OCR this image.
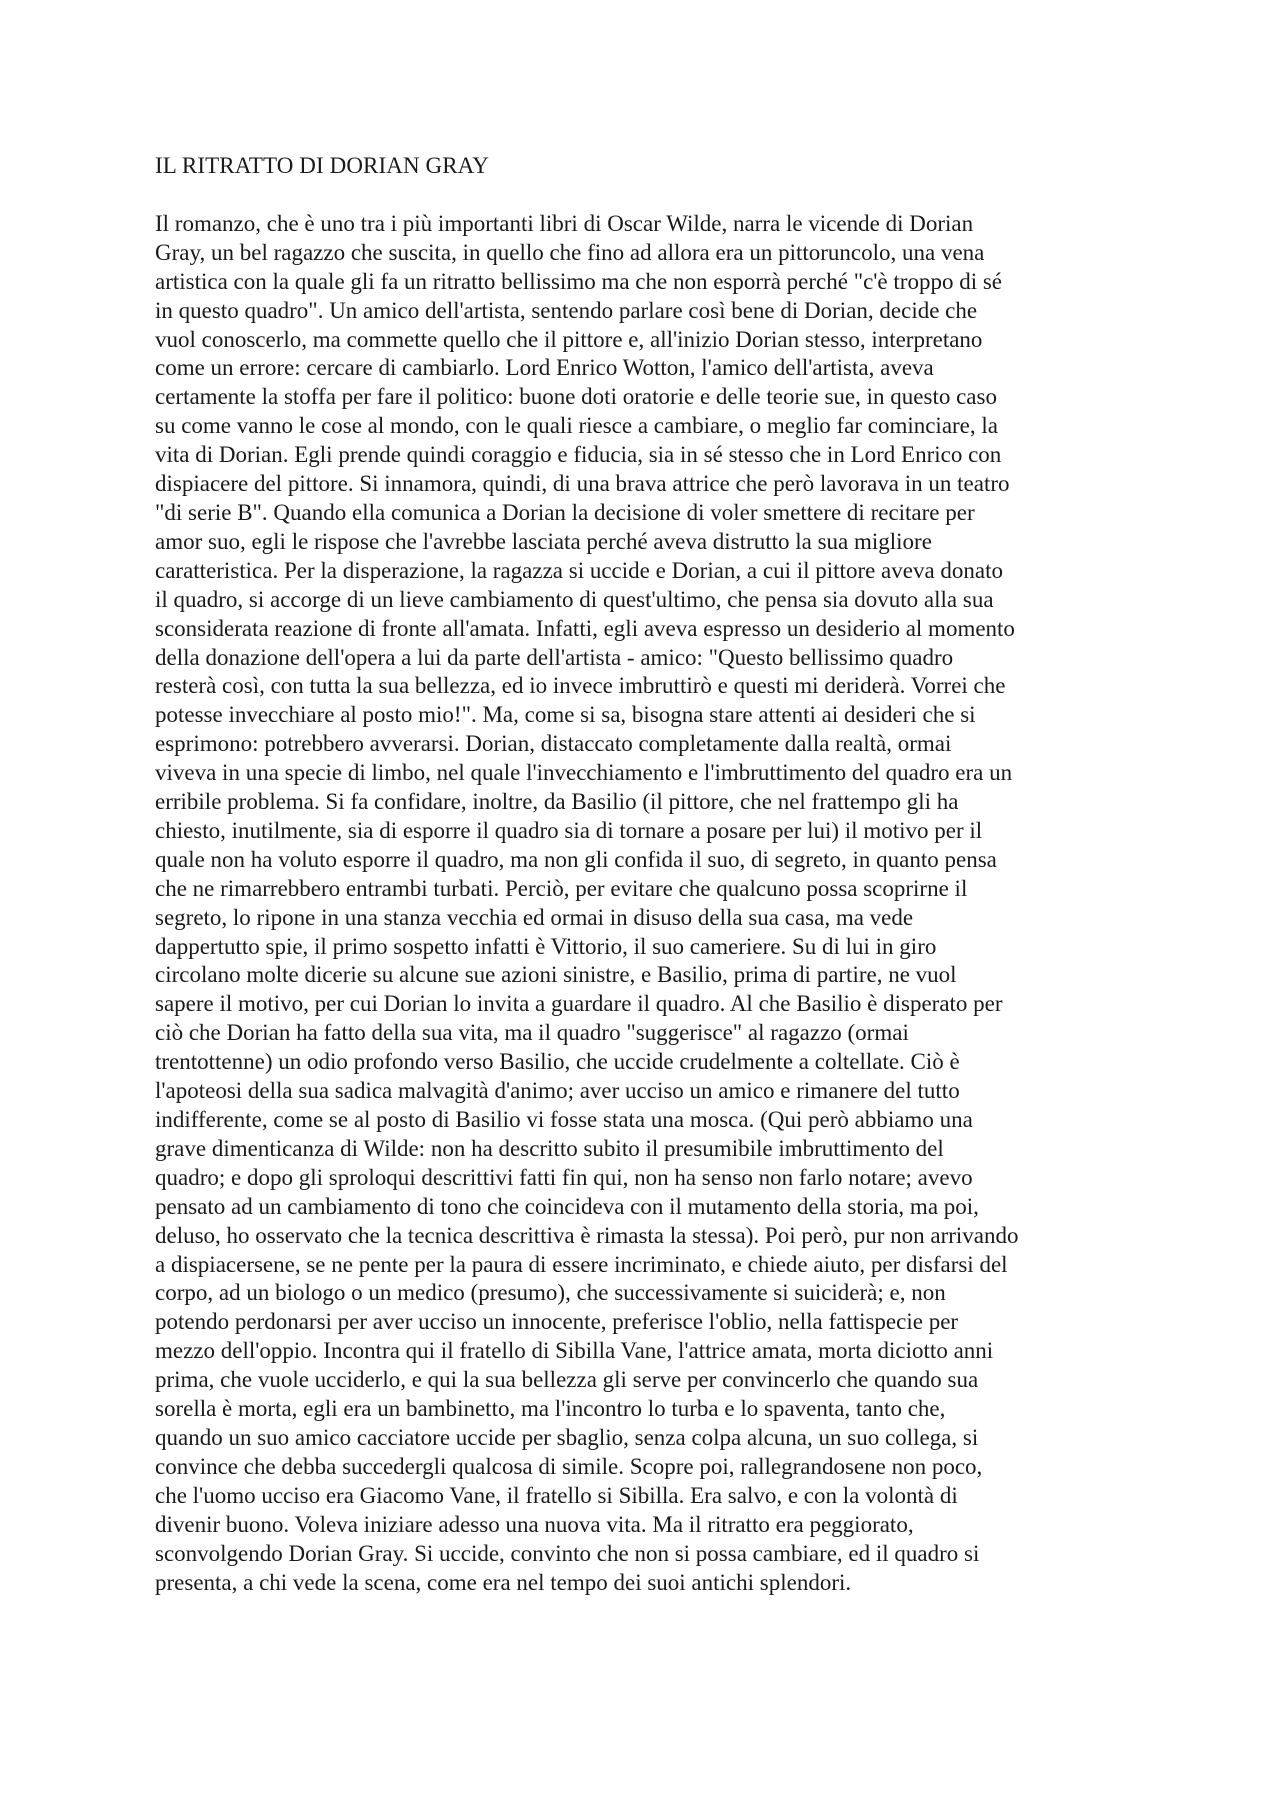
IL RITRATTO DI DORIAN GRAY
Il romanzo, che è uno tra i più importanti libri di Oscar Wilde, narra le vicende di Dorian
Gray, un bel ragazzo che suscita, in quello che fino ad allora era un pittoruncolo, una vena
artistica con la quale gli fa un ritratto bellissimo ma che non esporrà perché "c'è troppo di sé
in questo quadro". Un amico dell'artista, sentendo parlare così bene di Dorian, decide che
vuol conoscerlo, ma commette quello che il pittore e, all'inizio Dorian stesso, interpretano
come un errore: cercare di cambiarlo. Lord Enrico Wotton, l'amico dell'artista, aveva
certamente la stoffa per fare il politico: buone doti oratorie e delle teorie sue, in questo caso
su come vanno le cose al mondo, con le quali riesce a cambiare, o meglio far cominciare, la
vita di Dorian. Egli prende quindi coraggio e fiducia, sia in sé stesso che in Lord Enrico con
dispiacere del pittore. Si innamora, quindi, di una brava attrice che però lavorava in un teatro
"di serie B". Quando ella comunica a Dorian la decisione di voler smettere di recitare per
amor suo, egli le rispose che l'avrebbe lasciata perché aveva distrutto la sua migliore
caratteristica. Per la disperazione, la ragazza si uccide e Dorian, a cui il pittore aveva donato
il quadro, si accorge di un lieve cambiamento di quest'ultimo, che pensa sia dovuto alla sua
sconsiderata reazione di fronte all'amata. Infatti, egli aveva espresso un desiderio al momento
della donazione dell'opera a lui da parte dell'artista - amico: "Questo bellissimo quadro
resterà così, con tutta la sua bellezza, ed io invece imbruttirò e questi mi deriderà. Vorrei che
potesse invecchiare al posto mio!". Ma, come si sa, bisogna stare attenti ai desideri che si
esprimono: potrebbero avverarsi. Dorian, distaccato completamente dalla realtà, ormai
viveva in una specie di limbo, nel quale l'invecchiamento e l'imbruttimento del quadro era un
erribile problema. Si fa confidare, inoltre, da Basilio (il pittore, che nel frattempo gli ha
chiesto, inutilmente, sia di esporre il quadro sia di tornare a posare per lui) il motivo per il
quale non ha voluto esporre il quadro, ma non gli confida il suo, di segreto, in quanto pensa
che ne rimarrebbero entrambi turbati. Perciò, per evitare che qualcuno possa scoprirne il
segreto, lo ripone in una stanza vecchia ed ormai in disuso della sua casa, ma vede
dappertutto spie, il primo sospetto infatti è Vittorio, il suo cameriere. Su di lui in giro
circolano molte dicerie su alcune sue azioni sinistre, e Basilio, prima di partire, ne vuol
sapere il motivo, per cui Dorian lo invita a guardare il quadro. Al che Basilio è disperato per
ciò che Dorian ha fatto della sua vita, ma il quadro "suggerisce" al ragazzo (ormai
trentottenne) un odio profondo verso Basilio, che uccide crudelmente a coltellate. Ciò è
l'apoteosi della sua sadica malvagità d'animo; aver ucciso un amico e rimanere del tutto
indifferente, come se al posto di Basilio vi fosse stata una mosca. (Qui però abbiamo una
grave dimenticanza di Wilde: non ha descritto subito il presumibile imbruttimento del
quadro; e dopo gli sproloqui descrittivi fatti fin qui, non ha senso non farlo notare; avevo
pensato ad un cambiamento di tono che coincideva con il mutamento della storia, ma poi,
deluso, ho osservato che la tecnica descrittiva è rimasta la stessa). Poi però, pur non arrivando
a dispiacersene, se ne pente per la paura di essere incriminato, e chiede aiuto, per disfarsi del
corpo, ad un biologo o un medico (presumo), che successivamente si suiciderà; e, non
potendo perdonarsi per aver ucciso un innocente, preferisce l'oblio, nella fattispecie per
mezzo dell'oppio. Incontra qui il fratello di Sibilla Vane, l'attrice amata, morta diciotto anni
prima, che vuole ucciderlo, e qui la sua bellezza gli serve per convincerlo che quando sua
sorella è morta, egli era un bambinetto, ma l'incontro lo turba e lo spaventa, tanto che,
quando un suo amico cacciatore uccide per sbaglio, senza colpa alcuna, un suo collega, si
convince che debba succedergli qualcosa di simile. Scopre poi, rallegrandosene non poco,
che l'uomo ucciso era Giacomo Vane, il fratello si Sibilla. Era salvo, e con la volontà di
divenir buono. Voleva iniziare adesso una nuova vita. Ma il ritratto era peggiorato,
sconvolgendo Dorian Gray. Si uccide, convinto che non si possa cambiare, ed il quadro si
presenta, a chi vede la scena, come era nel tempo dei suoi antichi splendori.
